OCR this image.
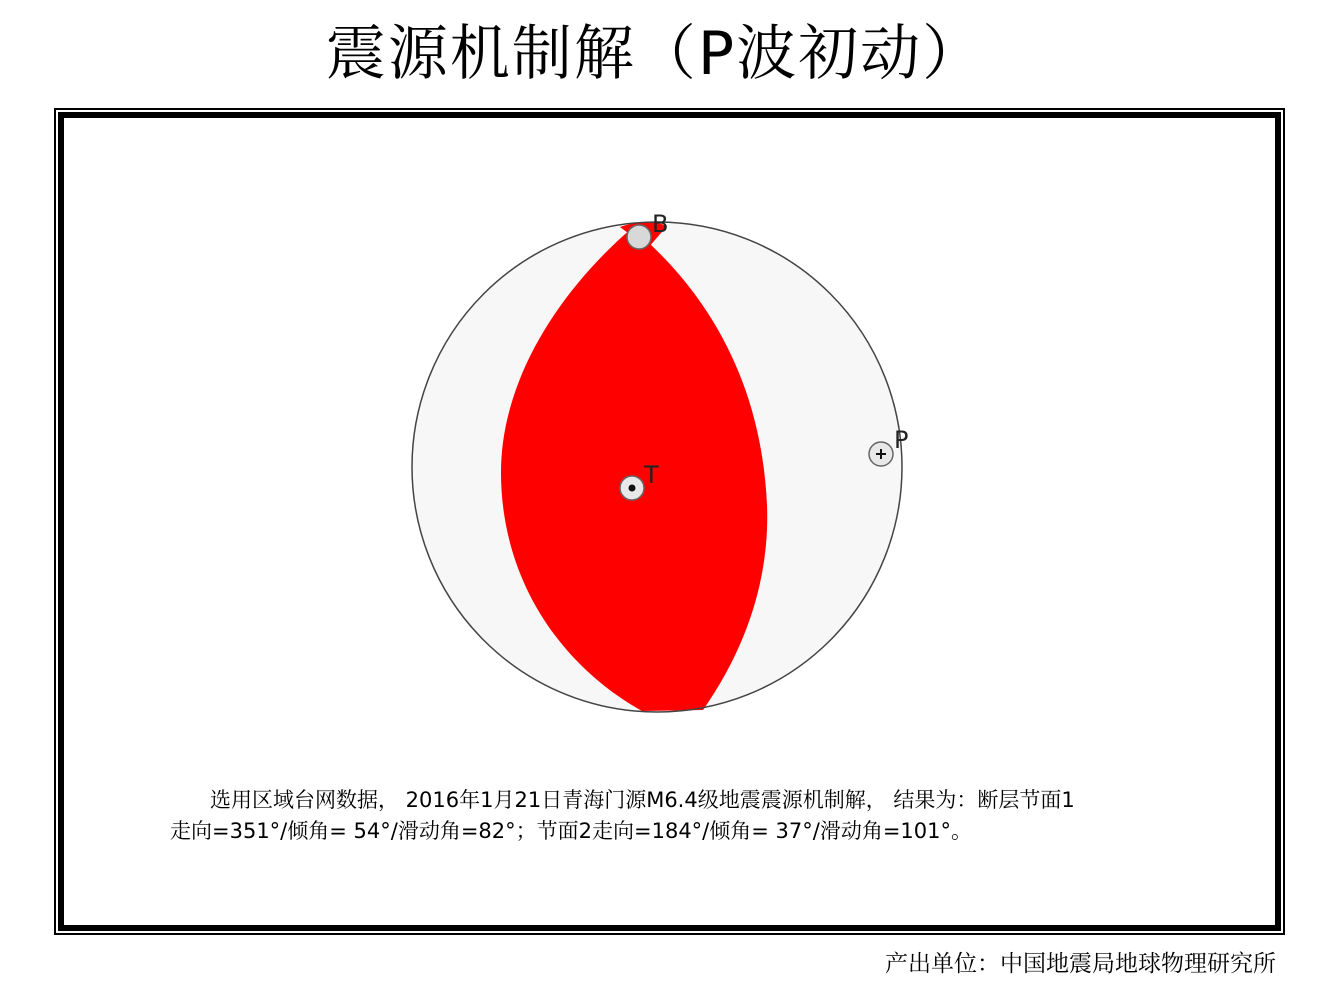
震源机制解（P波初动）
B
P
T
选用区域台网数据， 2016年1月21日青海门源M6.4级地震震源机制解， 结果为：断层节面1
走向=351°/倾角= 54°/滑动角=82°；节面2走向=184°/倾角= 37°/滑动角=101°。
产出单位：中国地震局地球物理研究所
